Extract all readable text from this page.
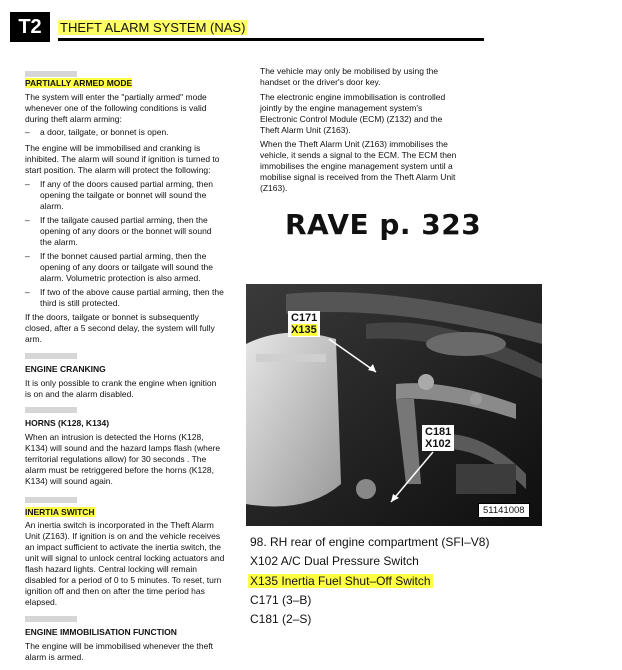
T2	THEFT ALARM SYSTEM (NAS)
PARTIALLY ARMED MODE
The system will enter the "partially armed" mode
whenever one of the following conditions is valid
during theft alarm arming:
– a door, tailgate, or bonnet is open.
The engine will be immobilised and cranking is
inhibited. The alarm will sound if ignition is turned to
start position. The alarm will protect the following:
– If any of the doors caused partial arming, then
opening the tailgate or bonnet will sound the
alarm.
– If the tailgate caused partial arming, then the
opening of any doors or the bonnet will sound
the alarm.
– If the bonnet caused partial arming, then the
opening of any doors or tailgate will sound the
alarm. Volumetric protection is also armed.
– If two of the above cause partial arming, then the
third is still protected.
If the doors, tailgate or bonnet is subsequently
closed, after a 5 second delay, the system will fully
arm.
ENGINE CRANKING
It is only possible to crank the engine when ignition
is on and the alarm disabled.
HORNS (K128, K134)
When an intrusion is detected the Horns (K128,
K134) will sound and the hazard lamps flash (where
territorial regulations allow) for 30 seconds . The
alarm must be retriggered before the horns (K128,
K134) will sound again.
INERTIA SWITCH
An inertia switch is incorporated in the Theft Alarm
Unit (Z163). If ignition is on and the vehicle receives
an impact sufficient to activate the inertia switch, the
unit will signal to unlock central locking actuators and
flash hazard lights. Central locking will remain
disabled for a period of 0 to 5 minutes. To reset, turn
ignition off and then on after the time period has
elapsed.
ENGINE IMMOBILISATION FUNCTION
The engine will be immobilised whenever the theft
alarm is armed.
The vehicle may only be mobilised by using the
handset or the driver's door key.
The electronic engine immobilisation is controlled
jointly by the engine management system's
Electronic Control Module (ECM) (Z132) and the
Theft Alarm Unit (Z163).
When the Theft Alarm Unit (Z163) immobilises the
vehicle, it sends a signal to the ECM. The ECM then
immobilises the engine management system until a
mobilise signal is received from the Theft Alarm Unit
(Z163).
RAVE p. 323
C171
X135
C181
X102
51141008
98. RH rear of engine compartment (SFI–V8)
X102 A/C Dual Pressure Switch
X135 Inertia Fuel Shut–Off Switch
C171 (3–B)
C181 (2–S)
